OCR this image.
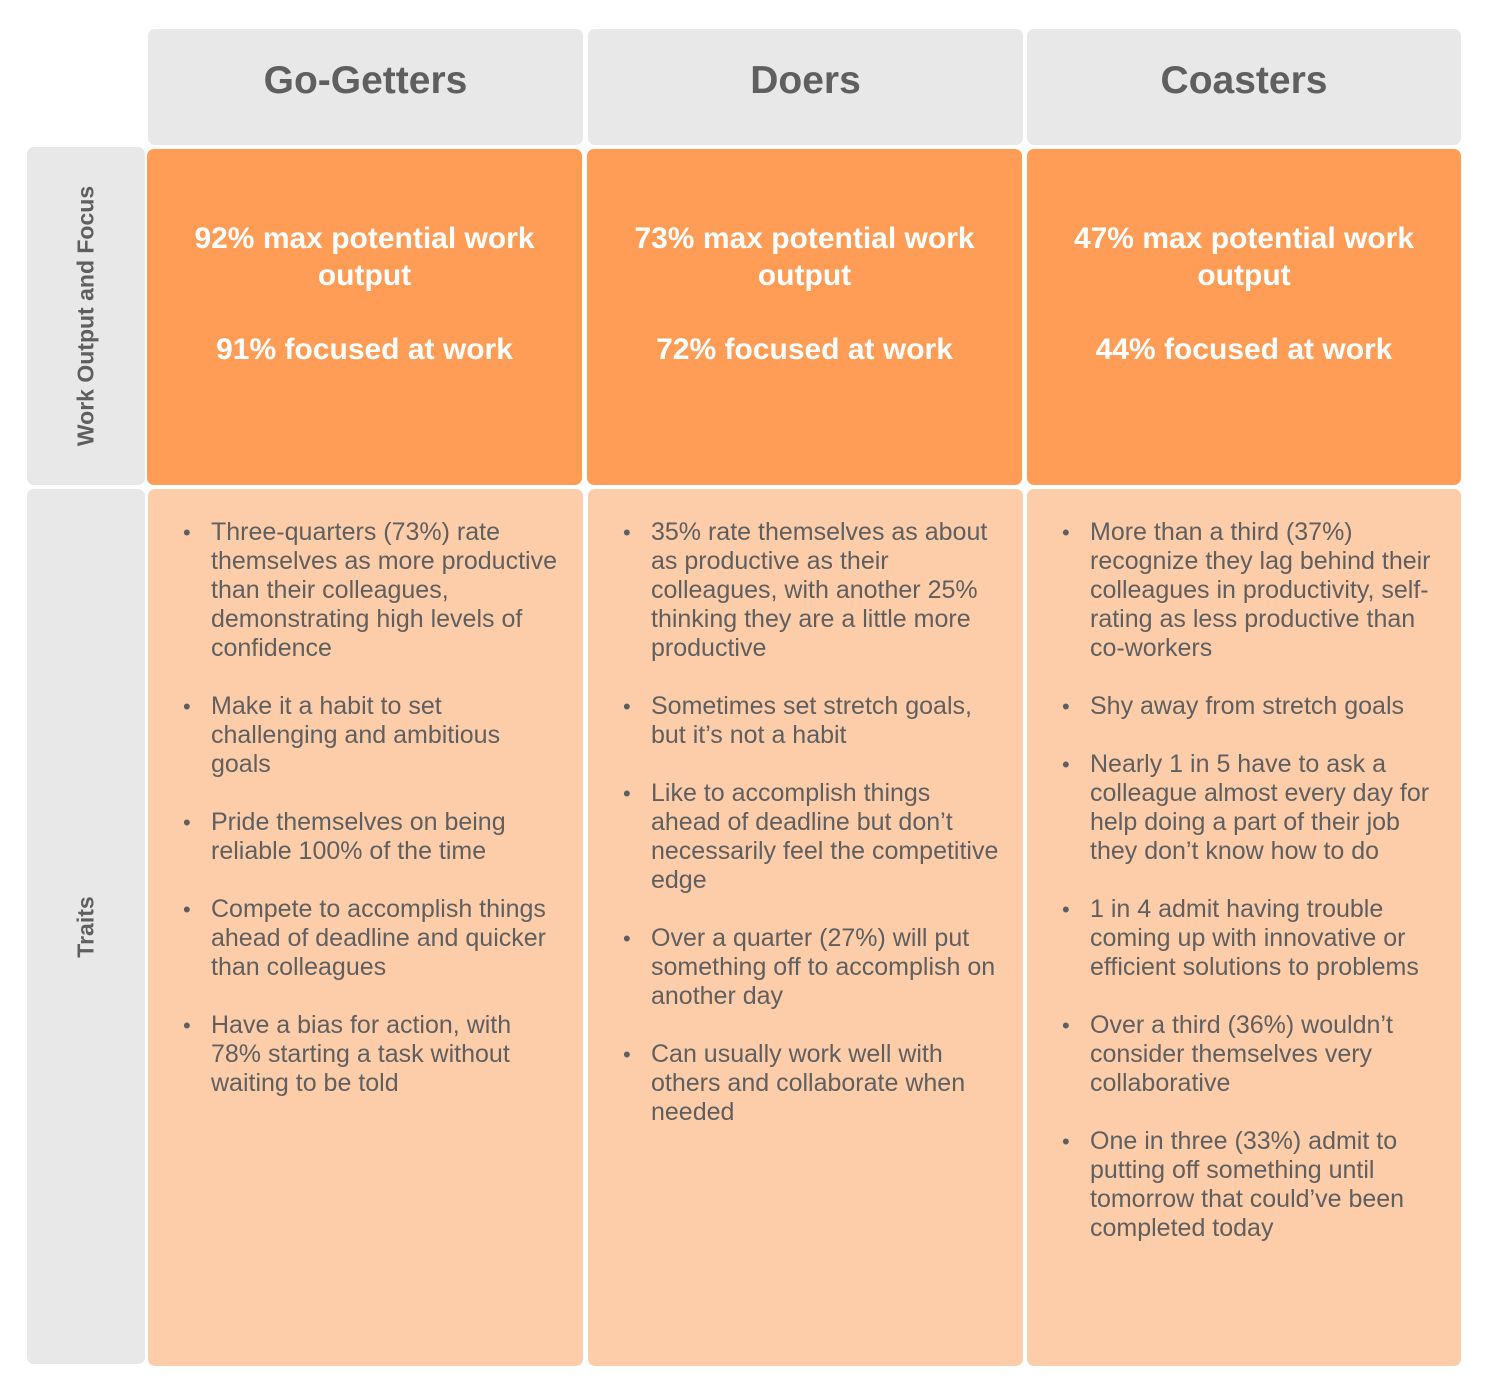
Go-Getters	Doers	Coasters
Work Output and Focus
Traits
92% max potential work output
91% focused at work
73% max potential work output
72% focused at work
47% max potential work output
44% focused at work
• Three-quarters (73%) rate themselves as more productive than their colleagues, demonstrating high levels of confidence
• Make it a habit to set challenging and ambitious goals
• Pride themselves on being reliable 100% of the time
• Compete to accomplish things ahead of deadline and quicker than colleagues
• Have a bias for action, with 78% starting a task without waiting to be told
• 35% rate themselves as about as productive as their colleagues, with another 25% thinking they are a little more productive
• Sometimes set stretch goals, but it’s not a habit
• Like to accomplish things ahead of deadline but don’t necessarily feel the competitive edge
• Over a quarter (27%) will put something off to accomplish on another day
• Can usually work well with others and collaborate when needed
• More than a third (37%) recognize they lag behind their colleagues in productivity, self-rating as less productive than co-workers
• Shy away from stretch goals
• Nearly 1 in 5 have to ask a colleague almost every day for help doing a part of their job they don’t know how to do
• 1 in 4 admit having trouble coming up with innovative or efficient solutions to problems
• Over a third (36%) wouldn’t consider themselves very collaborative
• One in three (33%) admit to putting off something until tomorrow that could’ve been completed today
